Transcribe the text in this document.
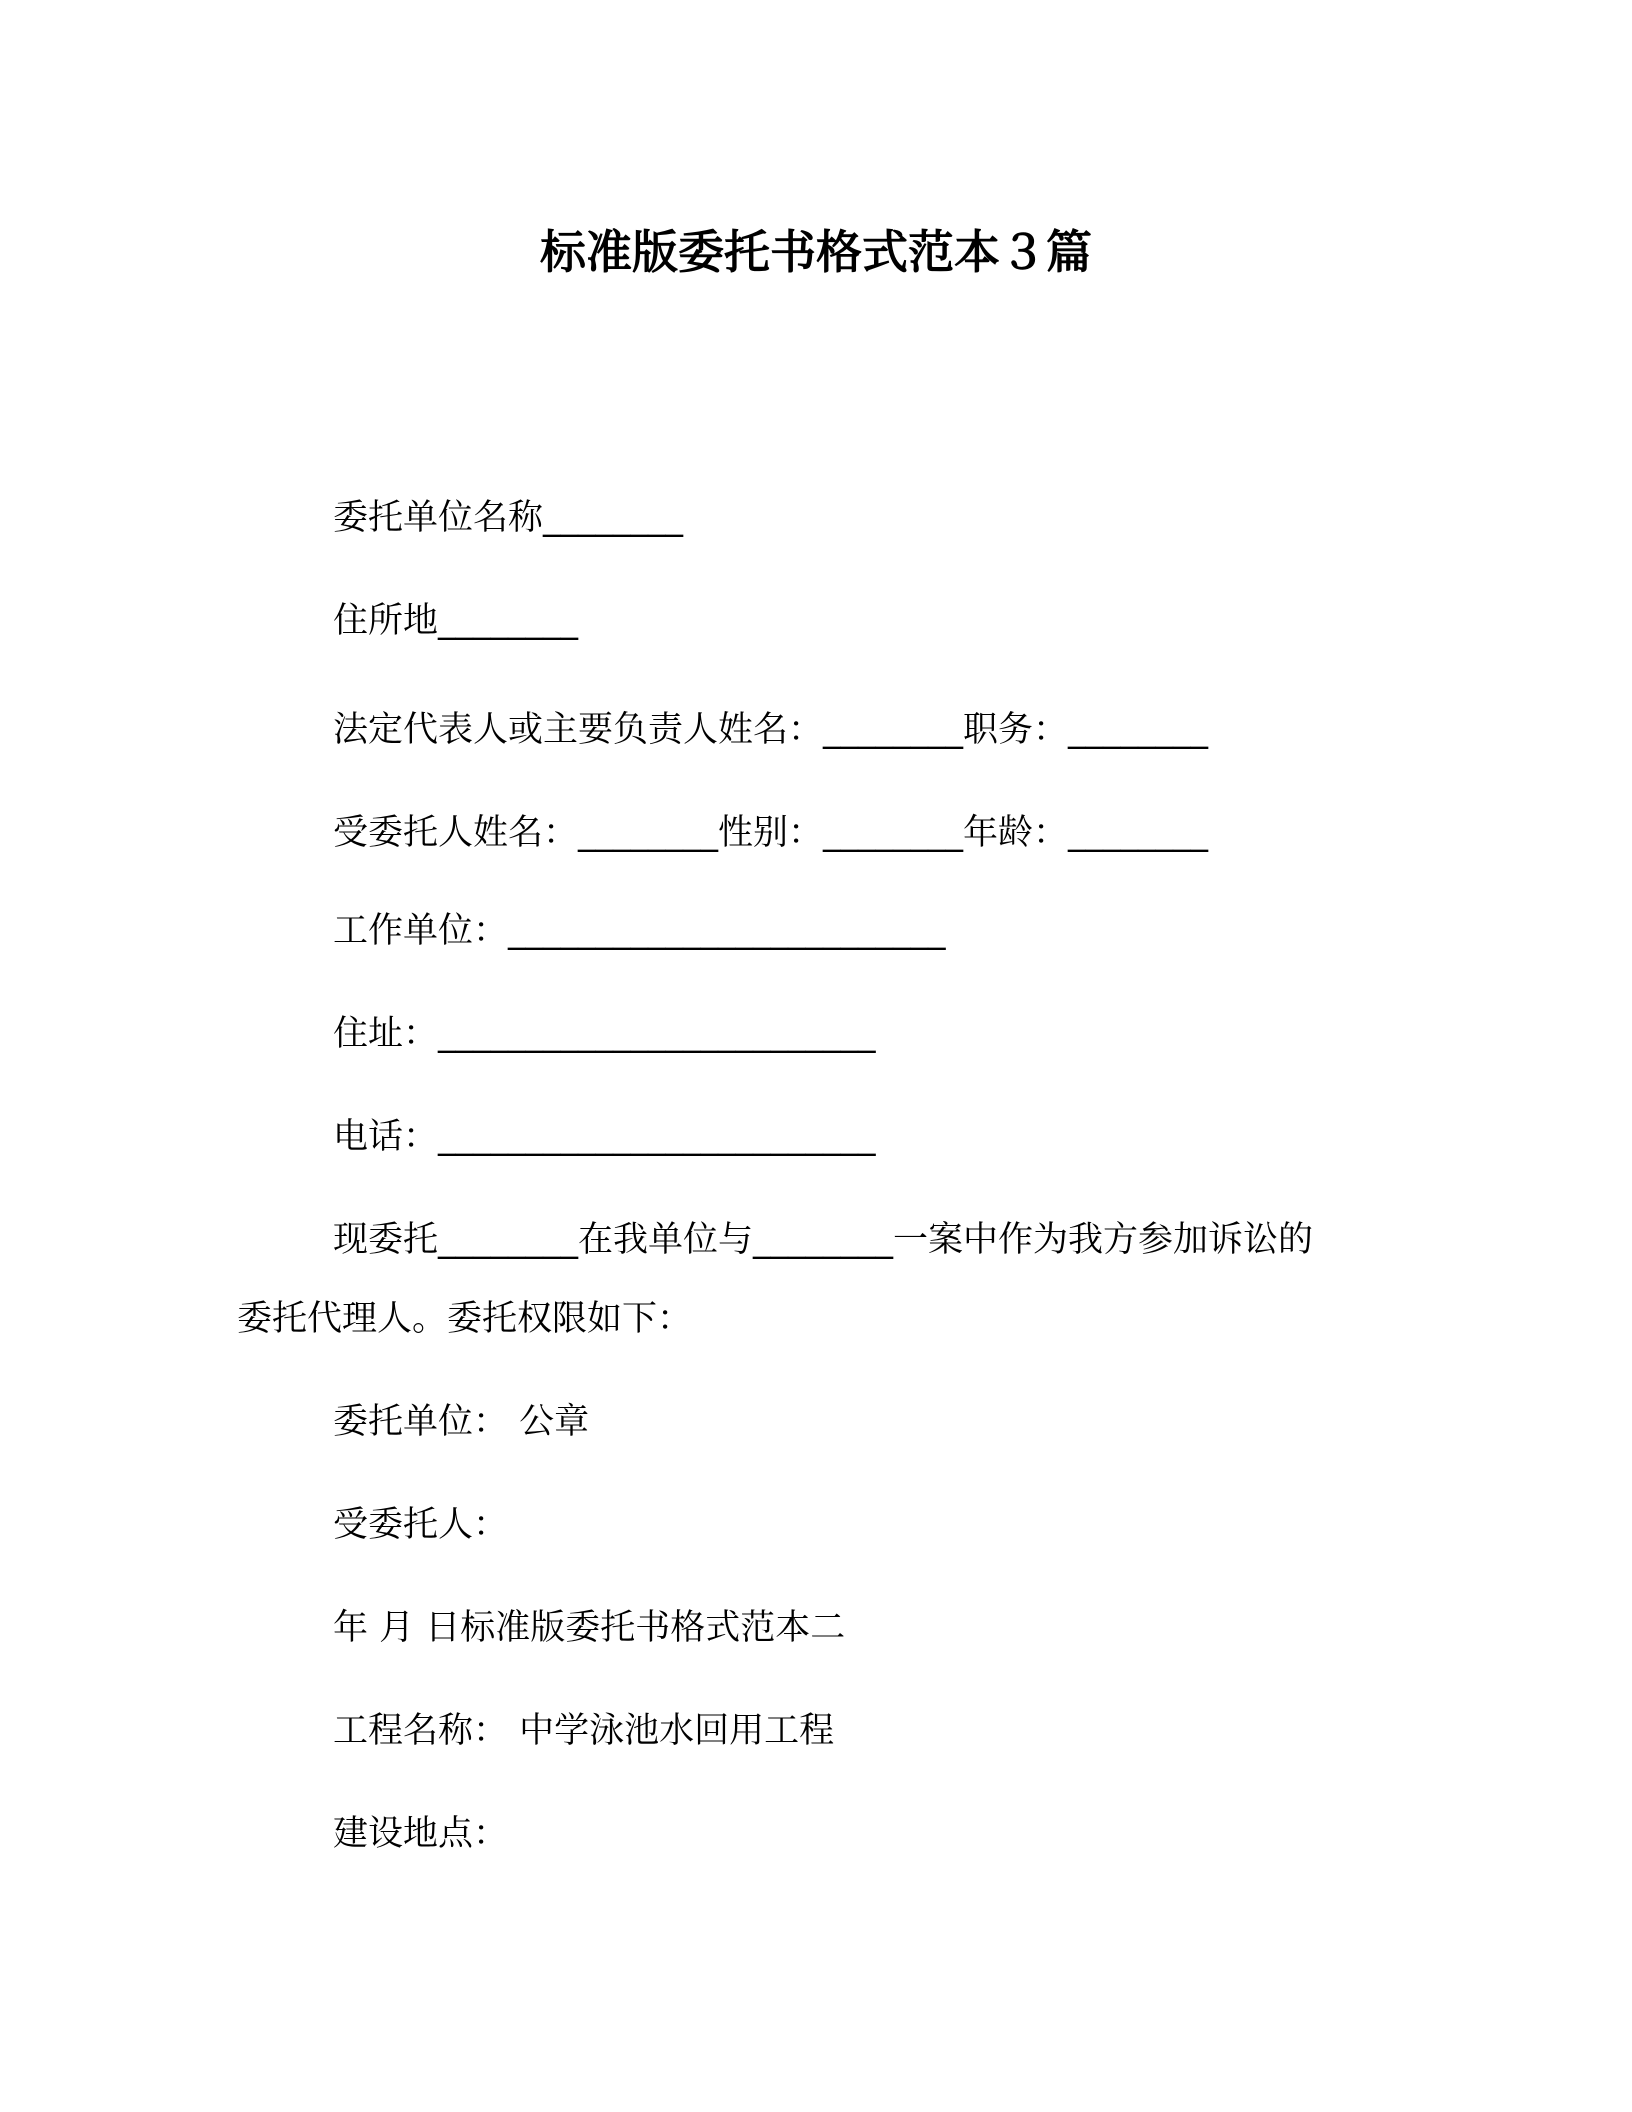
标准版委托书格式范本３篇
委托单位名称________
住所地________
法定代表人或主要负责人姓名：________职务：________
受委托人姓名：________性别：________年龄：________
工作单位：_________________________
住址：_________________________
电话：_________________________
现委托________在我单位与________一案中作为我方参加诉讼的
委托代理人。委托权限如下：
委托单位： 公章
受委托人：
年 月 日标准版委托书格式范本二
工程名称： 中学泳池水回用工程
建设地点：
